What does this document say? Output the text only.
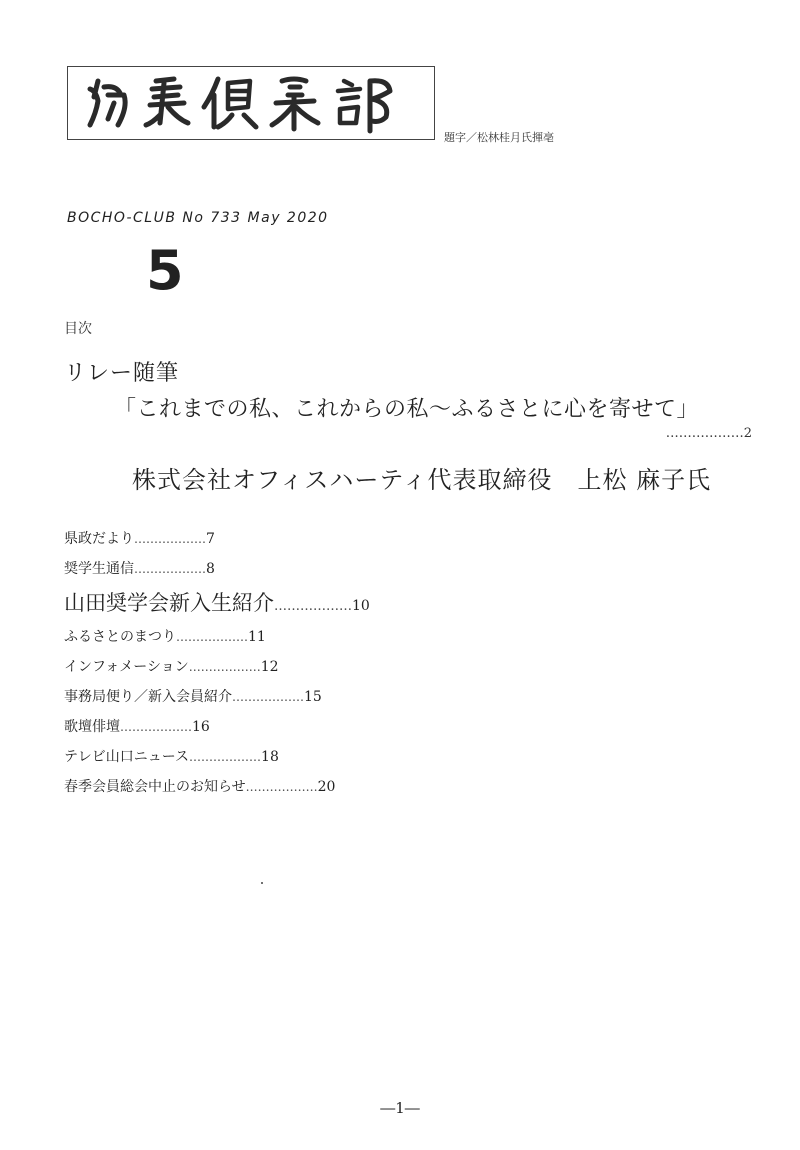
題字／松林桂月氏揮亳
BOCHO-CLUB No 733 May 2020
5
目次
リレー随筆
「これまでの私、これからの私～ふるさとに心を寄せて」
………………2
株式会社オフィスハーティ代表取締役　上松 麻子氏
県政だより………………7
奨学生通信………………8
山田奨学会新入生紹介………………10
ふるさとのまつり………………11
インフォメーション………………12
事務局便り／新入会員紹介………………15
歌壇俳壇………………16
テレビ山口ニュース………………18
春季会員総会中止のお知らせ………………20
―1―
